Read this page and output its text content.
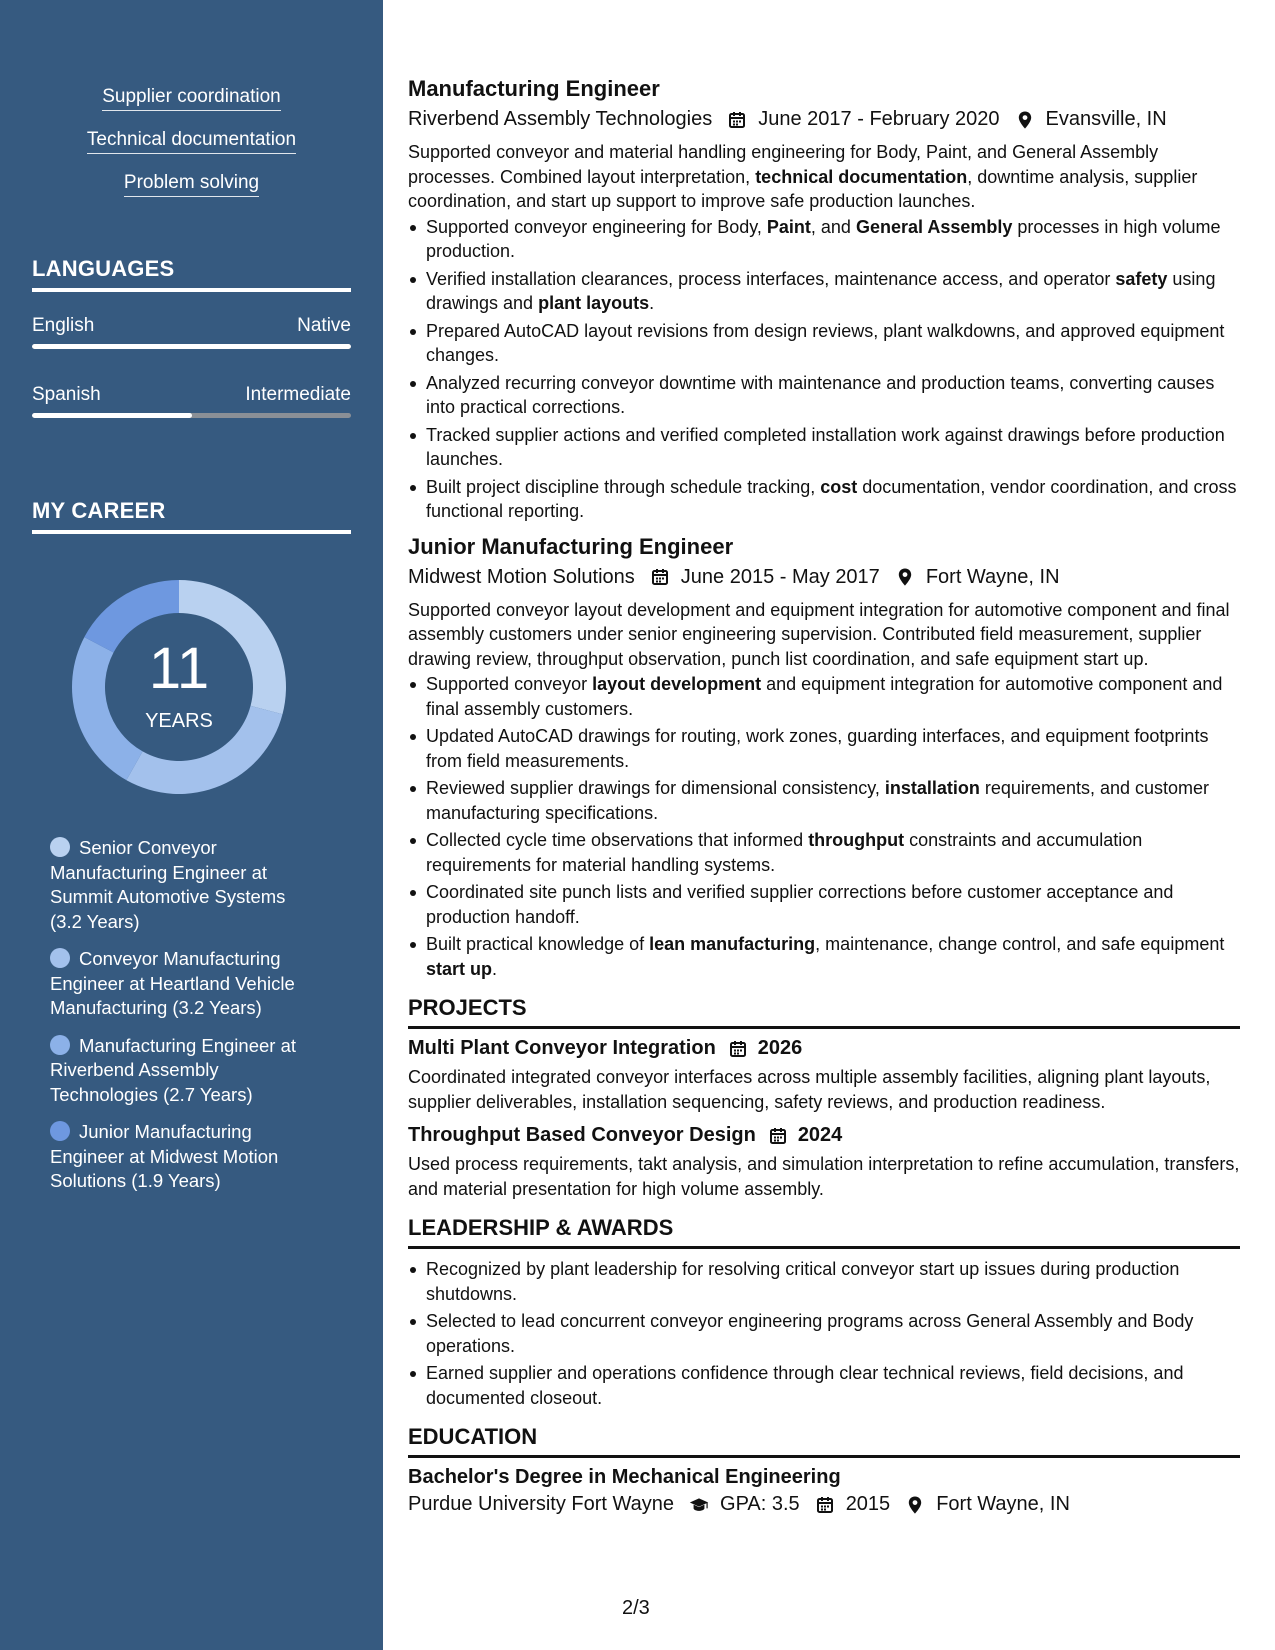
Supplier coordination
Technical documentation
Problem solving
LANGUAGES
English	Native
Spanish	Intermediate
MY CAREER
11
YEARS
Senior Conveyor Manufacturing Engineer at Summit Automotive Systems (3.2 Years)
Conveyor Manufacturing Engineer at Heartland Vehicle Manufacturing (3.2 Years)
Manufacturing Engineer at Riverbend Assembly Technologies (2.7 Years)
Junior Manufacturing Engineer at Midwest Motion Solutions (1.9 Years)
Manufacturing Engineer
Riverbend Assembly Technologies June 2017 - February 2020 Evansville, IN

Supported conveyor and material handling engineering for Body, Paint, and General Assembly processes. Combined layout interpretation, technical documentation, downtime analysis, supplier coordination, and start up support to improve safe production launches.

Supported conveyor engineering for Body, Paint, and General Assembly processes in high volume production.
Verified installation clearances, process interfaces, maintenance access, and operator safety using drawings and plant layouts.
Prepared AutoCAD layout revisions from design reviews, plant walkdowns, and approved equipment changes.
Analyzed recurring conveyor downtime with maintenance and production teams, converting causes into practical corrections.
Tracked supplier actions and verified completed installation work against drawings before production launches.
Built project discipline through schedule tracking, cost documentation, vendor coordination, and cross functional reporting.
Junior Manufacturing Engineer
Midwest Motion Solutions June 2015 - May 2017 Fort Wayne, IN

Supported conveyor layout development and equipment integration for automotive component and final assembly customers under senior engineering supervision. Contributed field measurement, supplier drawing review, throughput observation, punch list coordination, and safe equipment start up.

Supported conveyor layout development and equipment integration for automotive component and final assembly customers.
Updated AutoCAD drawings for routing, work zones, guarding interfaces, and equipment footprints from field measurements.
Reviewed supplier drawings for dimensional consistency, installation requirements, and customer manufacturing specifications.
Collected cycle time observations that informed throughput constraints and accumulation requirements for material handling systems.
Coordinated site punch lists and verified supplier corrections before customer acceptance and production handoff.
Built practical knowledge of lean manufacturing, maintenance, change control, and safe equipment start up.
PROJECTS
Multi Plant Conveyor Integration 2026
Coordinated integrated conveyor interfaces across multiple assembly facilities, aligning plant layouts, supplier deliverables, installation sequencing, safety reviews, and production readiness.
Throughput Based Conveyor Design 2024
Used process requirements, takt analysis, and simulation interpretation to refine accumulation, transfers, and material presentation for high volume assembly.
LEADERSHIP & AWARDS
Recognized by plant leadership for resolving critical conveyor start up issues during production shutdowns.
Selected to lead concurrent conveyor engineering programs across General Assembly and Body operations.
Earned supplier and operations confidence through clear technical reviews, field decisions, and documented closeout.
EDUCATION
Bachelor's Degree in Mechanical Engineering
Purdue University Fort Wayne GPA: 3.5 2015 Fort Wayne, IN
2/3
